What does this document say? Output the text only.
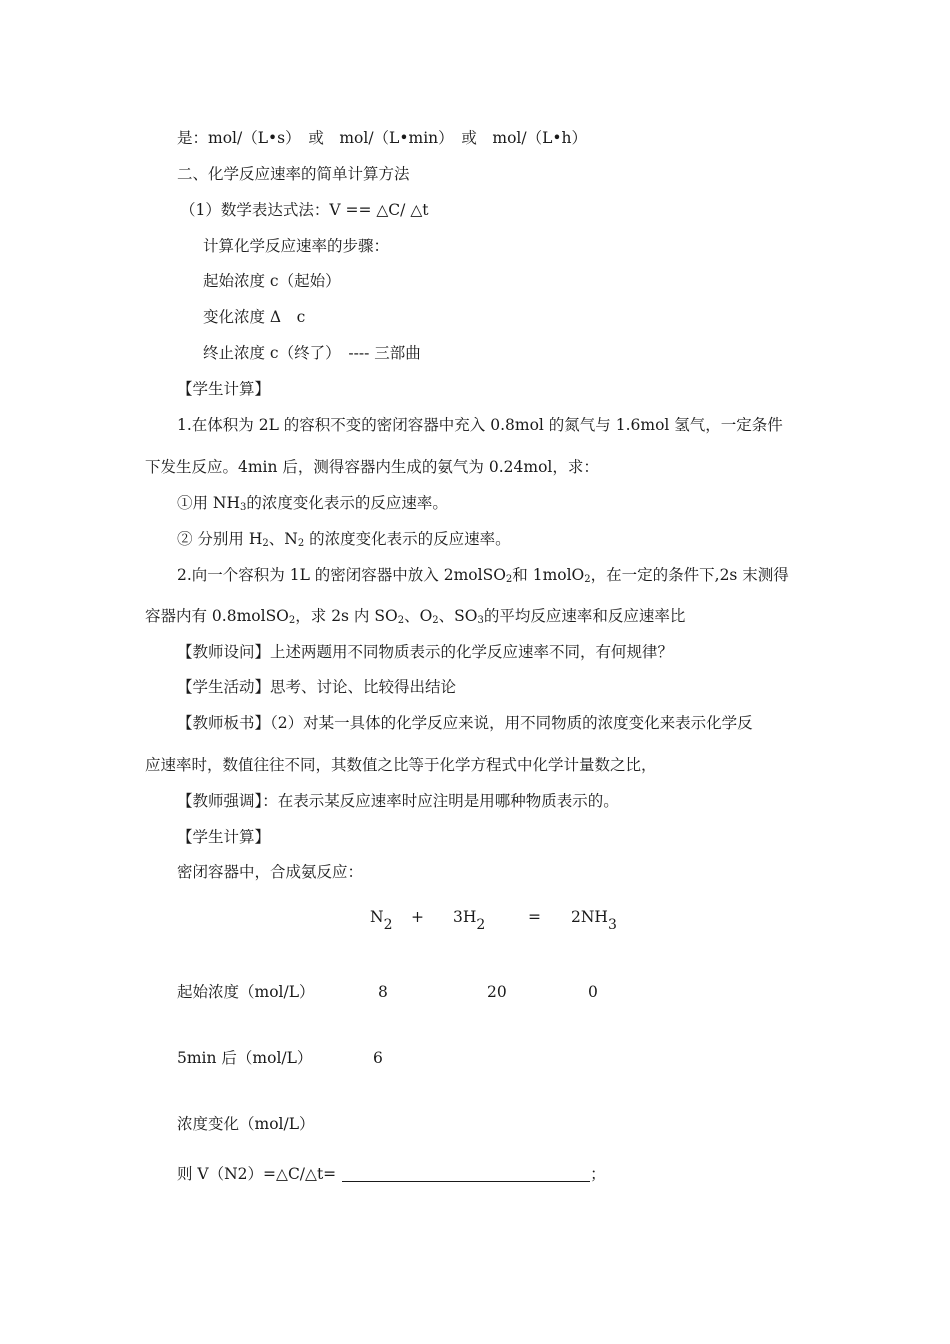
是：mol/（L•s）　或　mol/（L•min）　或　mol/（L•h）
二、化学反应速率的简单计算方法
（1）数学表达式法：V == △C/ △t
计算化学反应速率的步骤：
起始浓度 c（起始）
变化浓度 Δ　c
终止浓度 c（终了）　---- 三部曲
【学生计算】
1.在体积为 2L 的容积不变的密闭容器中充入 0.8mol 的氮气与 1.6mol 氢气，一定条件
下发生反应。4min 后，测得容器内生成的氨气为 0.24mol，求：
①用 $NH_3$的浓度变化表示的反应速率。
② 分别用 $H_2$、$N_2$ 的浓度变化表示的反应速率。
2.向一个容积为 1L 的密闭容器中放入 2molSO$_2$和 1molO$_2$，在一定的条件下,2s 末测得
容器内有 0.8molSO$_2$，求 2s 内 $SO_2$、$O_2$、$SO_3$的平均反应速率和反应速率比
【教师设问】上述两题用不同物质表示的化学反应速率不同，有何规律？
【学生活动】思考、讨论、比较得出结论
【教师板书】（2）对某一具体的化学反应来说，用不同物质的浓度变化来表示化学反
应速率时，数值往往不同，其数值之比等于化学方程式中化学计量数之比，
【教师强调】：在表示某反应速率时应注明是用哪种物质表示的。
【学生计算】
密闭容器中，合成氨反应：
N2 + 3H2	= 2NH3
起始浓度（mol/L）	8	20	0
5min 后（mol/L）	6
浓度变化（mol/L）
则 V（N2）=△C/△t=	；
